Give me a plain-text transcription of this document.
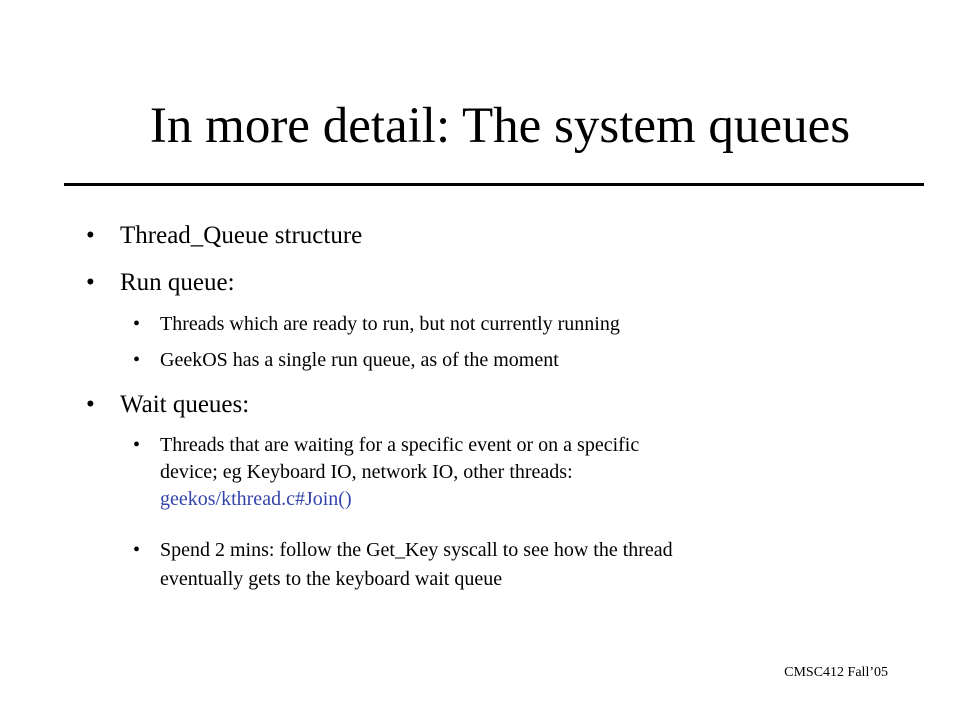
In more detail: The system queues
• Thread_Queue structure
• Run queue:
• Threads which are ready to run, but not currently running
• GeekOS has a single run queue, as of the moment
• Wait queues:
• Threads that are waiting for a specific event or on a specific
device; eg Keyboard IO, network IO, other threads:
geekos/kthread.c#Join()
• Spend 2 mins: follow the Get_Key syscall to see how the thread
eventually gets to the keyboard wait queue
CMSC412 Fall’05
